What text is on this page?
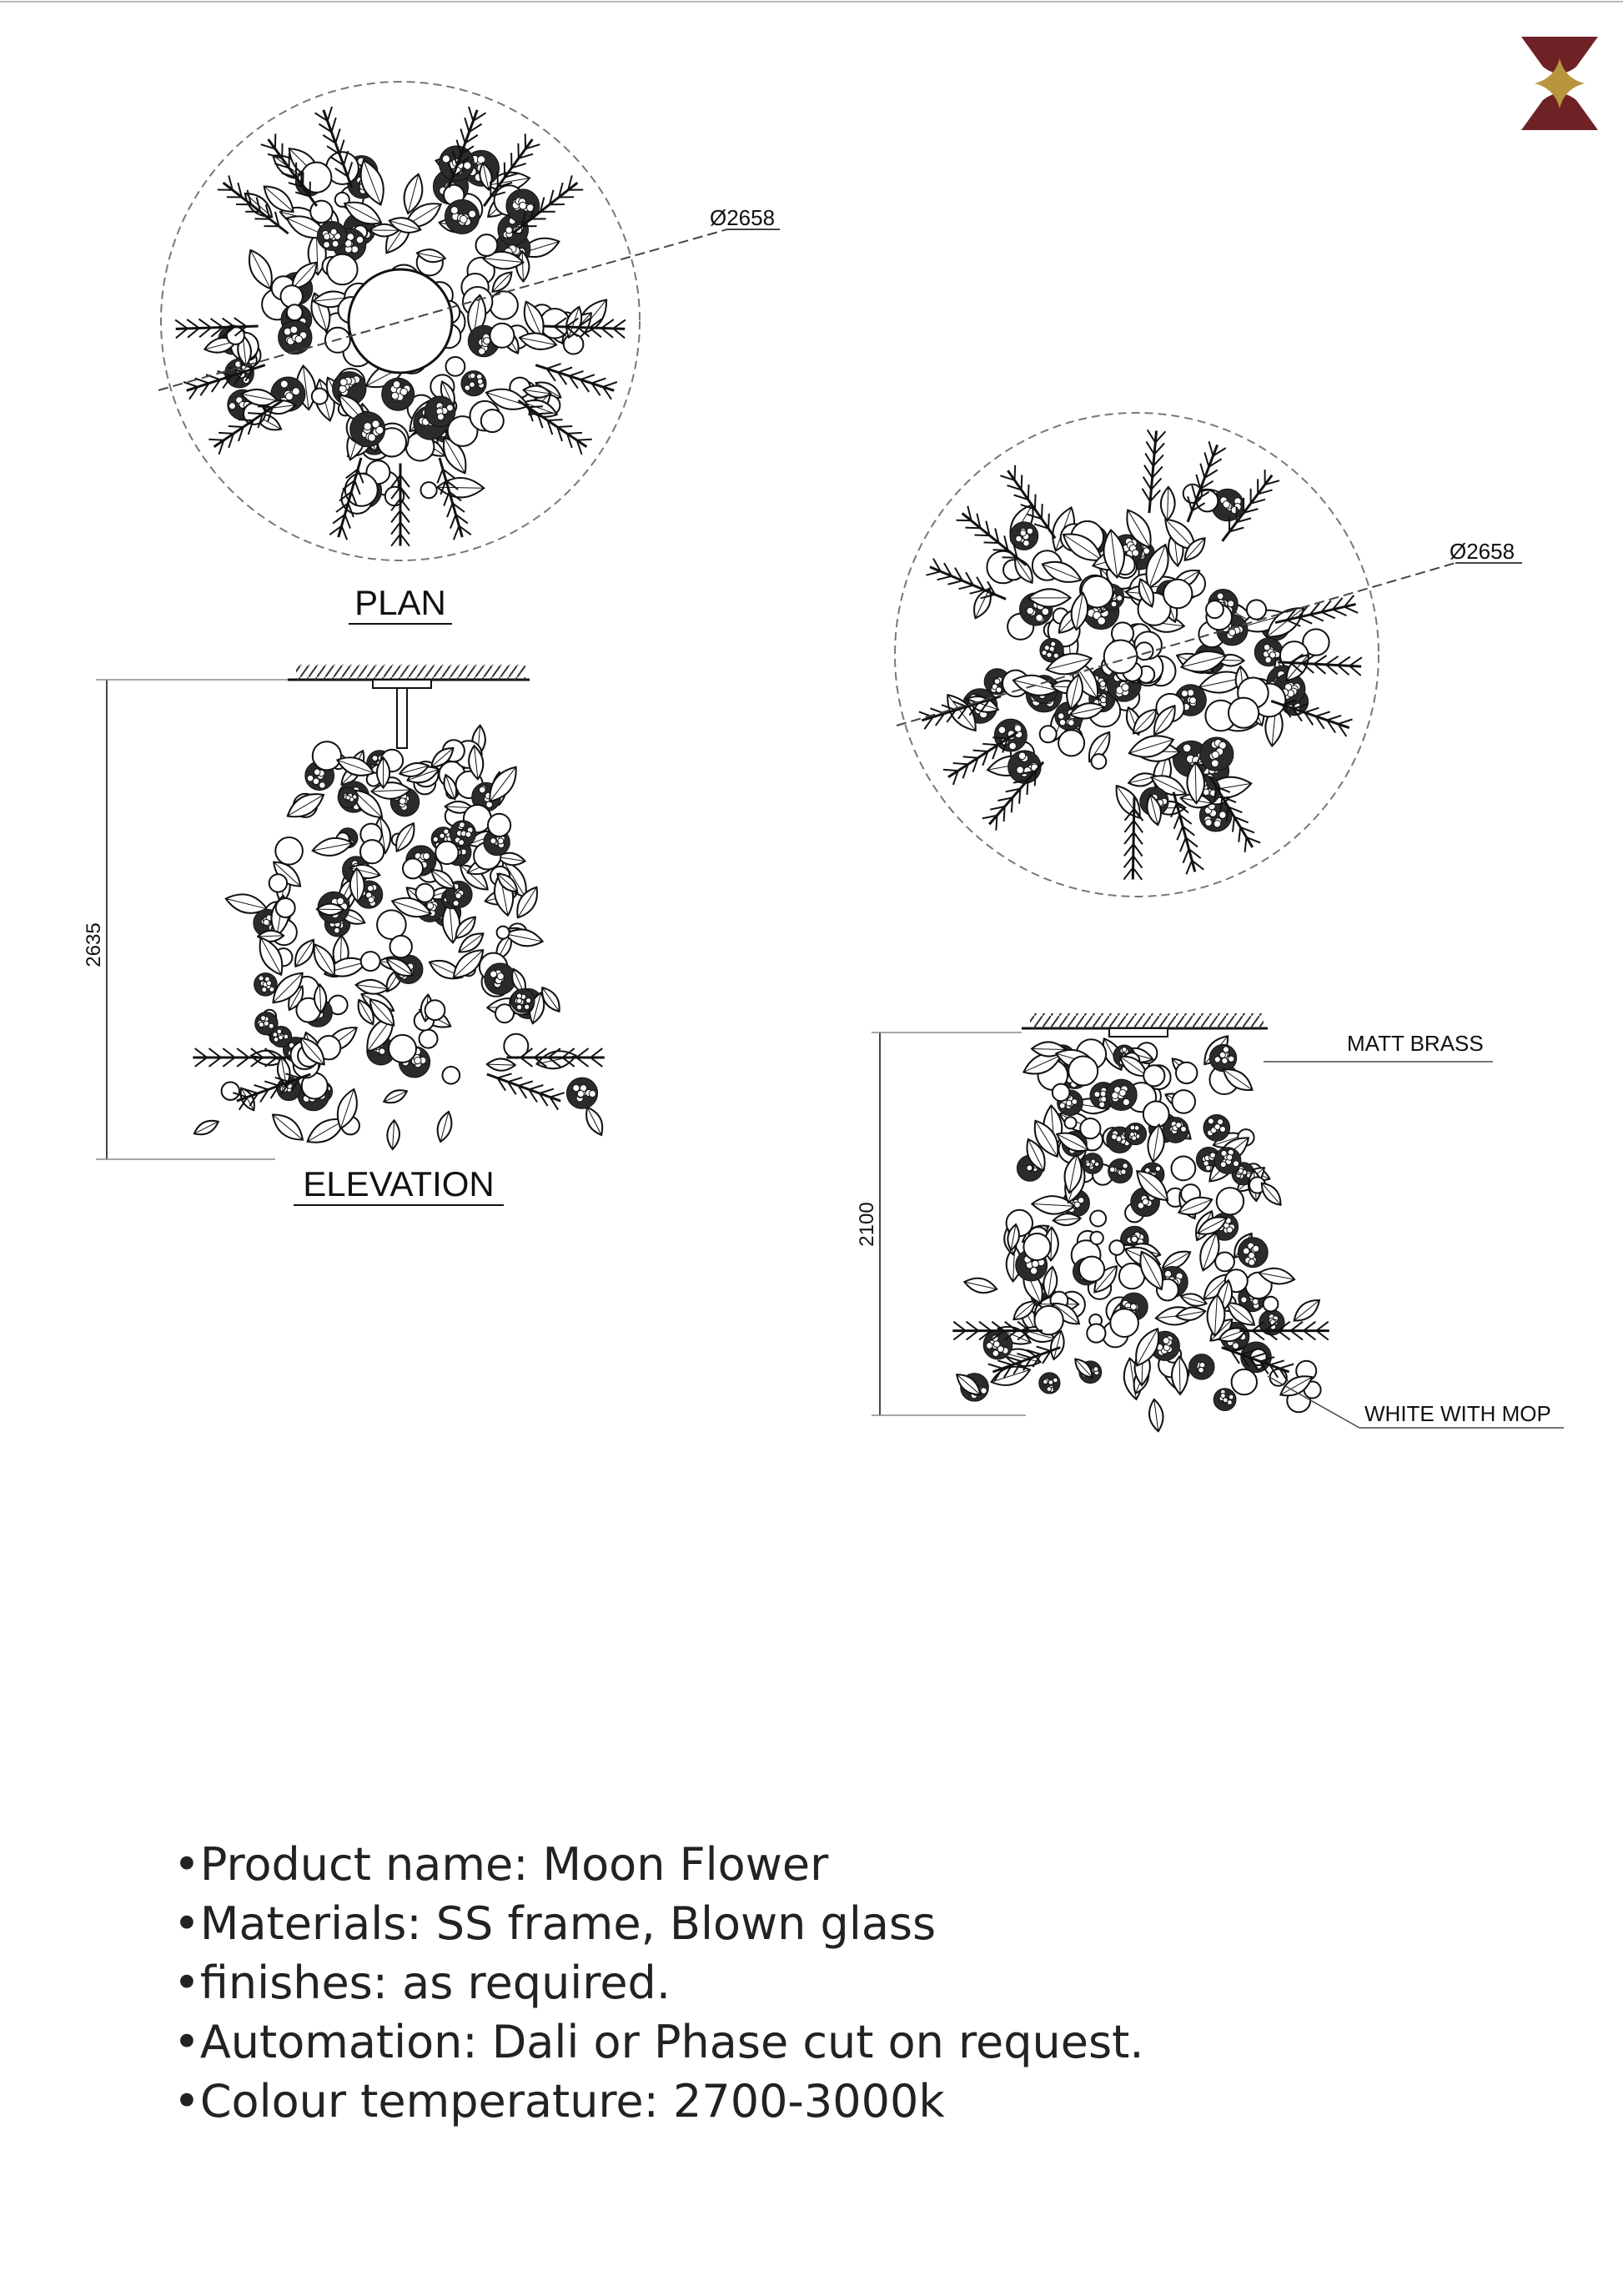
Ø2658
PLAN
2635
ELEVATION
Ø2658
2100
MATT BRASS
WHITE WITH MOP
•Product name: Moon Flower
•Materials: SS frame, Blown glass
•finishes: as required.
•Automation: Dali or Phase cut on request.
•Colour temperature: 2700-3000k
